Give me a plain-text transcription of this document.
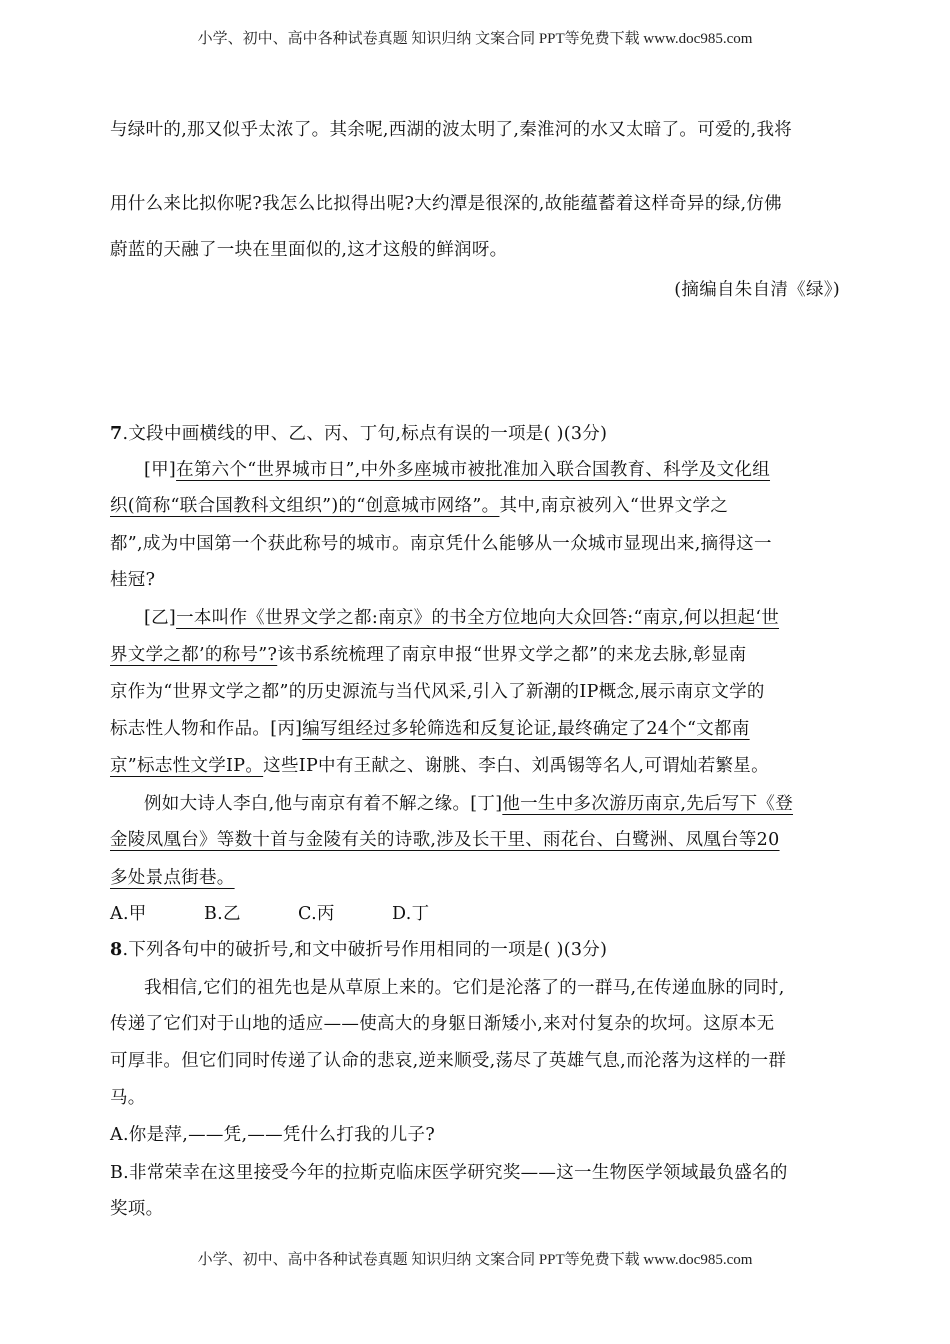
小学、初中、高中各种试卷真题 知识归纳 文案合同 PPT等免费下载 www.doc985.com

与绿叶的,那又似乎太浓了。其余呢,西湖的波太明了,秦淮河的水又太暗了。可爱的,我将

用什么来比拟你呢?我怎么比拟得出呢?大约潭是很深的,故能蕴蓄着这样奇异的绿,仿佛

蔚蓝的天融了一块在里面似的,这才这般的鲜润呀。

(摘编自朱自清《绿》)

7.文段中画横线的甲、乙、丙、丁句,标点有误的一项是( )(3分)

[甲]在第六个“世界城市日”,中外多座城市被批准加入联合国教育、科学及文化组

织(简称“联合国教科文组织”)的“创意城市网络”。其中,南京被列入“世界文学之

都”,成为中国第一个获此称号的城市。南京凭什么能够从一众城市显现出来,摘得这一

桂冠?

[乙]一本叫作《世界文学之都:南京》的书全方位地向大众回答:“南京,何以担起‘世

界文学之都’的称号”?该书系统梳理了南京申报“世界文学之都”的来龙去脉,彰显南

京作为“世界文学之都”的历史源流与当代风采,引入了新潮的IP概念,展示南京文学的

标志性人物和作品。[丙]编写组经过多轮筛选和反复论证,最终确定了24个“文都南

京”标志性文学IP。这些IP中有王献之、谢朓、李白、刘禹锡等名人,可谓灿若繁星。

例如大诗人李白,他与南京有着不解之缘。[丁]他一生中多次游历南京,先后写下《登

金陵凤凰台》等数十首与金陵有关的诗歌,涉及长干里、雨花台、白鹭洲、凤凰台等20

多处景点街巷。

A.甲	B.乙	C.丙	D.丁

8.下列各句中的破折号,和文中破折号作用相同的一项是( )(3分)

我相信,它们的祖先也是从草原上来的。它们是沦落了的一群马,在传递血脉的同时,

传递了它们对于山地的适应——使高大的身躯日渐矮小,来对付复杂的坎坷。这原本无

可厚非。但它们同时传递了认命的悲哀,逆来顺受,荡尽了英雄气息,而沦落为这样的一群

马。

A.你是萍,——凭,——凭什么打我的儿子?

B.非常荣幸在这里接受今年的拉斯克临床医学研究奖——这一生物医学领域最负盛名的

奖项。

小学、初中、高中各种试卷真题 知识归纳 文案合同 PPT等免费下载 www.doc985.com
